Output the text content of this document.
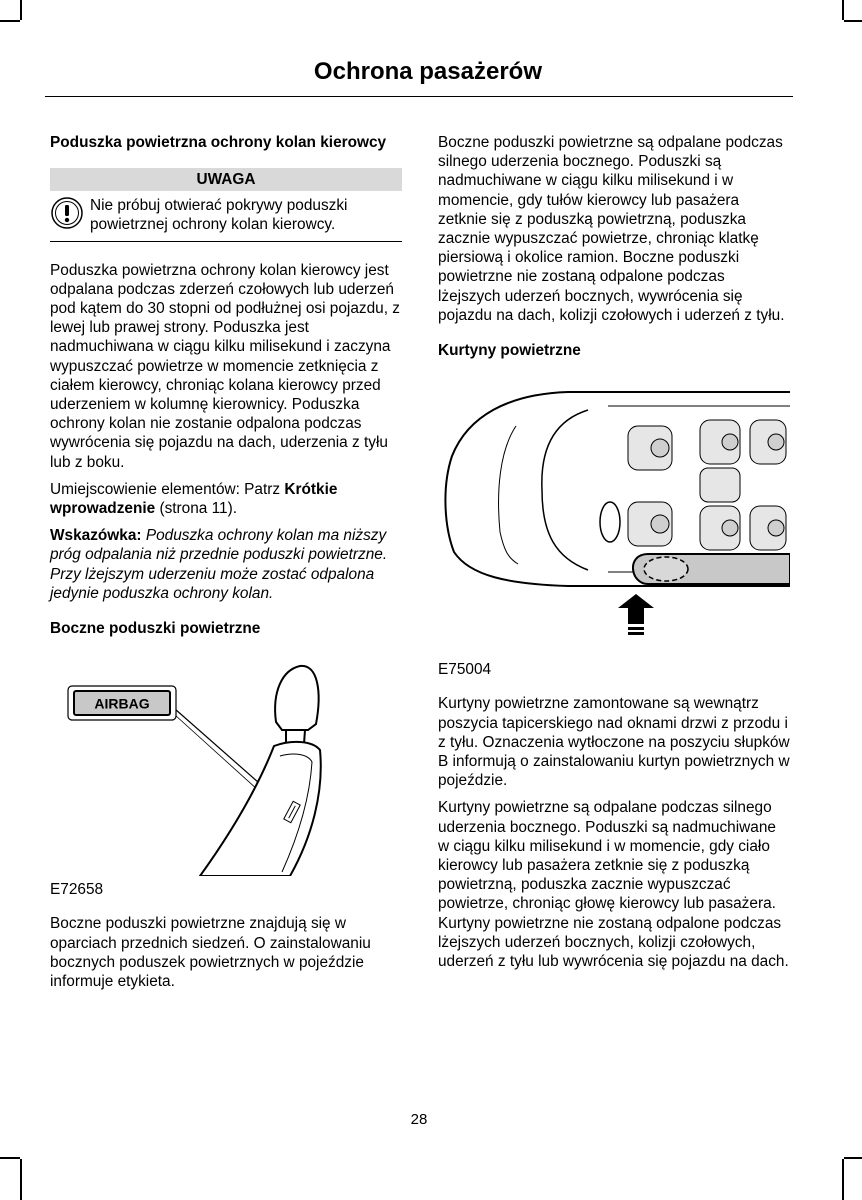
Ochrona pasażerów
Poduszka powietrzna ochrony kolan kierowcy
UWAGA
Nie próbuj otwierać pokrywy poduszki powietrznej ochrony kolan kierowcy.

Poduszka powietrzna ochrony kolan kierowcy jest odpalana podczas zderzeń czołowych lub uderzeń pod kątem do 30 stopni od podłużnej osi pojazdu, z lewej lub prawej strony. Poduszka jest nadmuchiwana w ciągu kilku milisekund i zaczyna wypuszczać powietrze w momencie zetknięcia z ciałem kierowcy, chroniąc kolana kierowcy przed uderzeniem w kolumnę kierownicy. Poduszka ochrony kolan nie zostanie odpalona podczas wywrócenia się pojazdu na dach, uderzenia z tyłu lub z boku.

Umiejscowienie elementów: Patrz Krótkie wprowadzenie (strona 11).

Wskazówka: Poduszka ochrony kolan ma niższy próg odpalania niż przednie poduszki powietrzne. Przy lżejszym uderzeniu może zostać odpalona jedynie poduszka ochrony kolan.

Boczne poduszki powietrzne
AIRBAG
E72658

Boczne poduszki powietrzne znajdują się w oparciach przednich siedzeń. O zainstalowaniu bocznych poduszek powietrznych w pojeździe informuje etykieta.

Boczne poduszki powietrzne są odpalane podczas silnego uderzenia bocznego. Poduszki są nadmuchiwane w ciągu kilku milisekund i w momencie, gdy tułów kierowcy lub pasażera zetknie się z poduszką powietrzną, poduszka zacznie wypuszczać powietrze, chroniąc klatkę piersiową i okolice ramion. Boczne poduszki powietrzne nie zostaną odpalone podczas lżejszych uderzeń bocznych, wywrócenia się pojazdu na dach, kolizji czołowych i uderzeń z tyłu.

Kurtyny powietrzne
E75004

Kurtyny powietrzne zamontowane są wewnątrz poszycia tapicerskiego nad oknami drzwi z przodu i z tyłu. Oznaczenia wytłoczone na poszyciu słupków B informują o zainstalowaniu kurtyn powietrznych w pojeździe.

Kurtyny powietrzne są odpalane podczas silnego uderzenia bocznego. Poduszki są nadmuchiwane w ciągu kilku milisekund i w momencie, gdy ciało kierowcy lub pasażera zetknie się z poduszką powietrzną, poduszka zacznie wypuszczać powietrze, chroniąc głowę kierowcy lub pasażera. Kurtyny powietrzne nie zostaną odpalone podczas lżejszych uderzeń bocznych, kolizji czołowych, uderzeń z tyłu lub wywrócenia się pojazdu na dach.

28
